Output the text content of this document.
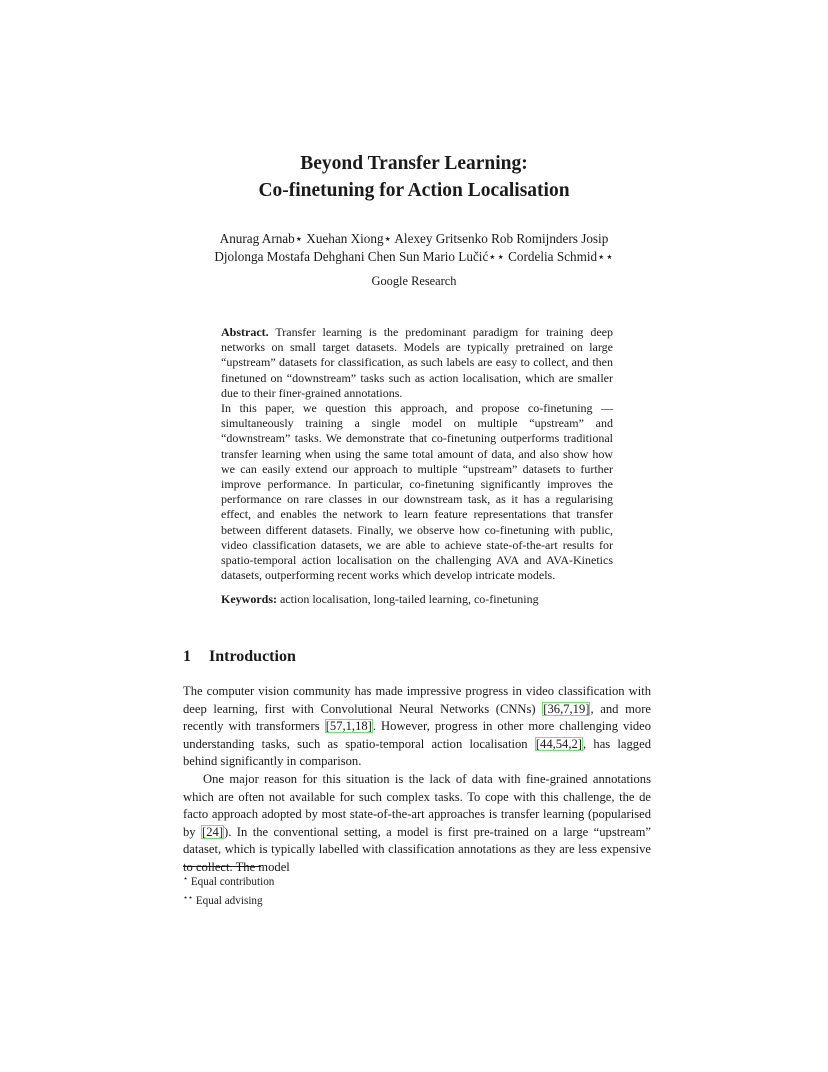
Beyond Transfer Learning:
Co-finetuning for Action Localisation
Anurag Arnab⋆ Xuehan Xiong⋆ Alexey Gritsenko Rob Romijnders Josip
Djolonga Mostafa Dehghani Chen Sun Mario Lučić⋆⋆ Cordelia Schmid⋆⋆
Google Research

Abstract. Transfer learning is the predominant paradigm for training deep networks on small target datasets. Models are typically pretrained on large “upstream” datasets for classification, as such labels are easy to collect, and then finetuned on “downstream” tasks such as action localisation, which are smaller due to their finer-grained annotations.

In this paper, we question this approach, and propose co-finetuning — simultaneously training a single model on multiple “upstream” and “downstream” tasks. We demonstrate that co-finetuning outperforms traditional transfer learning when using the same total amount of data, and also show how we can easily extend our approach to multiple “upstream” datasets to further improve performance. In particular, co-finetuning significantly improves the performance on rare classes in our downstream task, as it has a regularising effect, and enables the network to learn feature representations that transfer between different datasets. Finally, we observe how co-finetuning with public, video classification datasets, we are able to achieve state-of-the-art results for spatio-temporal action localisation on the challenging AVA and AVA-Kinetics datasets, outperforming recent works which develop intricate models.

Keywords: action localisation, long-tailed learning, co-finetuning

1 Introduction

The computer vision community has made impressive progress in video classification with deep learning, first with Convolutional Neural Networks (CNNs) [36,7,19], and more recently with transformers [57,1,18]. However, progress in other more challenging video understanding tasks, such as spatio-temporal action localisation [44,54,2], has lagged behind significantly in comparison.

One major reason for this situation is the lack of data with fine-grained annotations which are often not available for such complex tasks. To cope with this challenge, the de facto approach adopted by most state-of-the-art approaches is transfer learning (popularised by [24]). In the conventional setting, a model is first pre-trained on a large “upstream” dataset, which is typically labelled with classification annotations as they are less expensive to collect. The model

⋆ Equal contribution
⋆⋆ Equal advising
